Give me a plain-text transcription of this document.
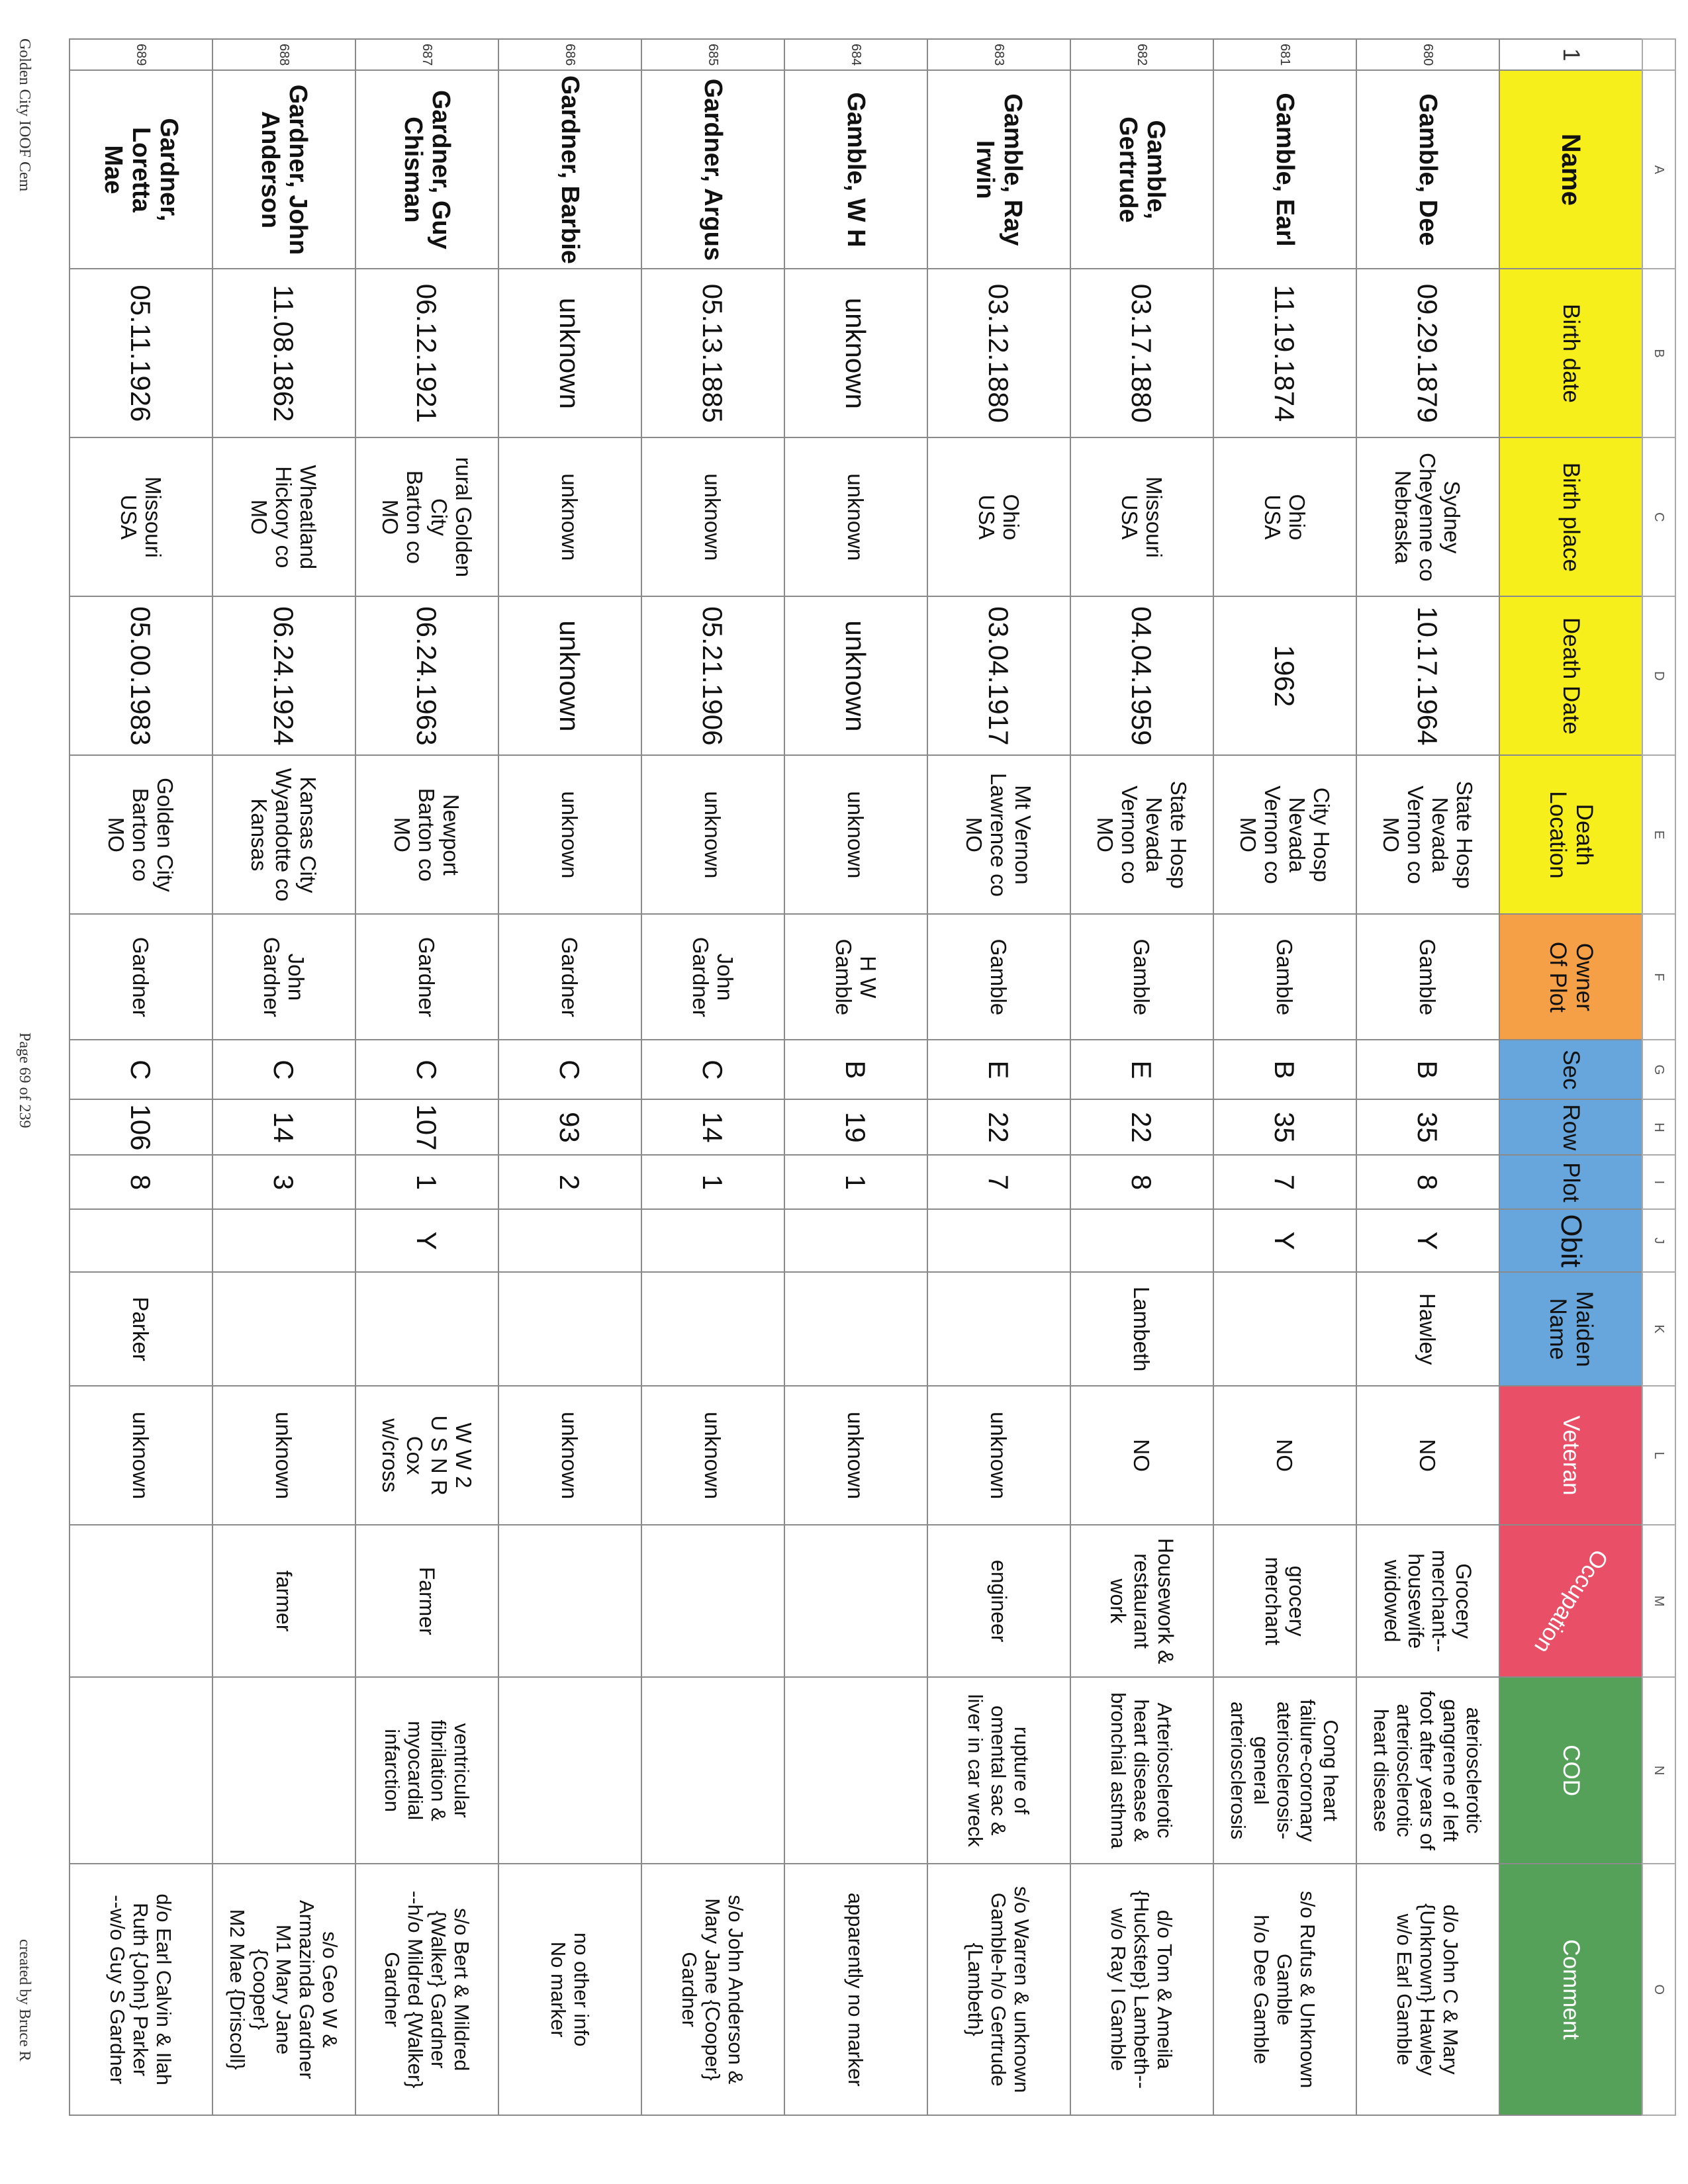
	A	B	C	D	E	F	G	H	I	J	K	L	M	N	O
1	Name	Birth date	Birth place	Death Date	Death
Location	Owner
Of Plot	Sec	Row	Plot	Obit	Maiden
Name	Veteran	Occupation	COD	Comment
680	Gamble, Dee	09.29.1879	Sydney
Cheyenne co
Nebraska	10.17.1964	State Hosp
Nevada
Vernon co
MO	Gamble	B	35	8	Y	Hawley	NO	Grocery
merchant--
housewife
widowed	ateriosclerotic
gangrene of left
foot after years of
arteriosclerotic
heart disease	d/o John C & Mary
{Unknown} Hawley
w/o Earl Gamble
681	Gamble, Earl	11.19.1874	Ohio
USA	1962	City Hosp
Nevada
Vernon co
MO	Gamble	B	35	7	Y		NO	grocery
merchant	Cong heart
failure-coronary
ateriosclerosis-
general
arteriosclerosis	s/o Rufus & Unknown
Gamble
h/o Dee Gamble
682	Gamble, Gertrude	03.17.1880	Missouri
USA	04.04.1959	State Hosp
Nevada
Vernon co
MO	Gamble	E	22	8		Lambeth	NO	Housework &
restaurant
work	Arteriosclerotic
heart disease &
bronchial asthma	d/o Tom & Ameila
{Huckstep} Lambeth--
w/o Ray I Gamble
683	Gamble, Ray Irwin	03.12.1880	Ohio
USA	03.04.1917	Mt Vernon
Lawrence co
MO	Gamble	E	22	7			unknown	engineer	rupture of
omental sac &
liver in car wreck	s/o Warren & unknown
Gamble-h/o Gertrude
{Lambeth}
684	Gamble, W H	unknown	unknown	unknown	unknown	H W
Gamble	B	19	1			unknown			apparently no marker
685	Gardner, Argus	05.13.1885	unknown	05.21.1906	unknown	John
Gardner	C	14	1			unknown			s/o John Anderson &
Mary Jane {Cooper}
Gardner
686	Gardner, Barbie	unknown	unknown	unknown	unknown	Gardner	C	93	2			unknown			no other info
No marker
687	Gardner, Guy
Chisman	06.12.1921	rural Golden
City
Barton co
MO	06.24.1963	Newport
Barton co
MO	Gardner	C	107	1	Y		W W 2
U S N R
Cox
w/cross	Farmer	ventricular
fibrilation &
myocardial
infarction	s/o Bert & Mildred
{Walker} Gardner
--h/o Mildred {Walker}
Gardner
688	Gardner, John
Anderson	11.08.1862	Wheatland
Hickory co
MO	06.24.1924	Kansas City
Wyandotte co
Kansas	John
Gardner	C	14	3			unknown	farmer		s/o Geo W &
Armazinda Gardner
M1 Mary Jane
{Cooper}
M2 Mae {Driscoll}
689	Gardner, Loretta
Mae	05.11.1926	Missouri
USA	05.00.1983	Golden City
Barton co
MO	Gardner	C	106	8		Parker	unknown			d/o Earl Calvin & Ilah
Ruth {John} Parker
--w/o Guy S Gardner
Golden City IOOF Cem
Page 69 of 239
created by Bruce R
